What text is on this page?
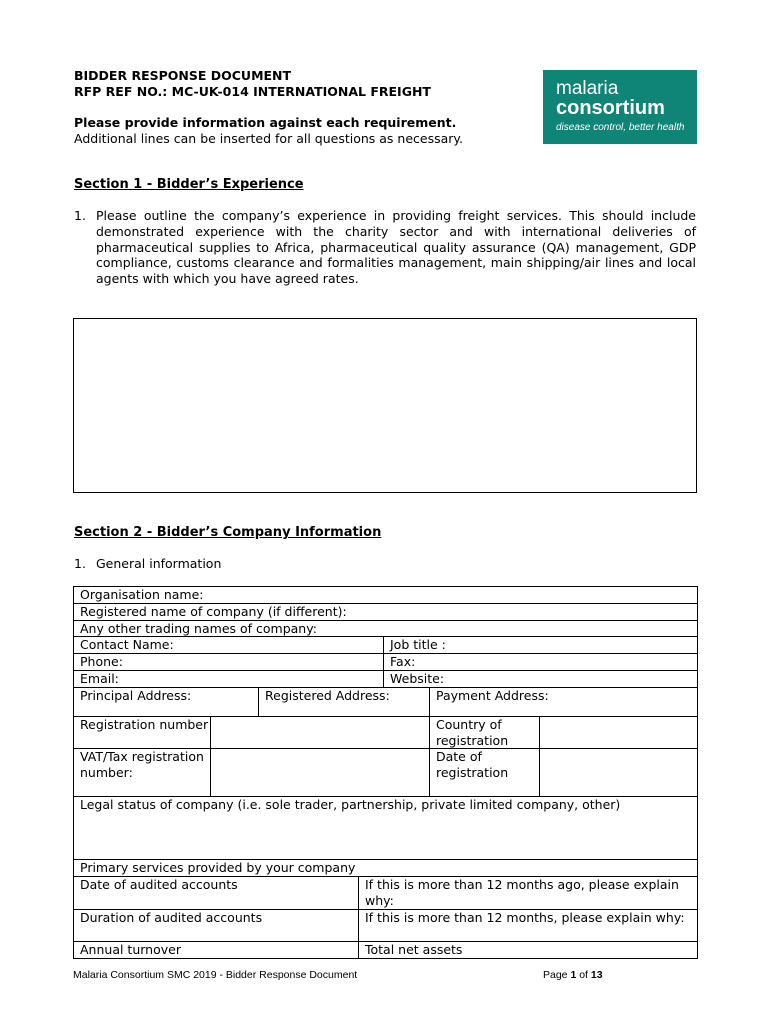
BIDDER RESPONSE DOCUMENT
RFP REF NO.: MC-UK-014 INTERNATIONAL FREIGHT
Please provide information against each requirement.
Additional lines can be inserted for all questions as necessary.
malaria
consortium
disease control, better health
Section 1 - Bidder’s Experience
1. Please outline the company’s experience in providing freight services. This should include demonstrated experience with the charity sector and with international deliveries of pharmaceutical supplies to Africa, pharmaceutical quality assurance (QA) management, GDP compliance, customs clearance and formalities management, main shipping/air lines and local agents with which you have agreed rates.
Section 2 - Bidder’s Company Information
1. General information
Organisation name:						
Registered name of company (if different):						
Any other trading names of company:						
Contact Name:				Job title :		
Phone:				Fax:		
Email:				Website:		
Principal Address:		Registered Address:			Payment Address:	
Registration number					Country of registration	
VAT/Tax registration number:					Date of registration	
Legal status of company (i.e. sole trader, partnership, private limited company, other)						
Primary services provided by your company						
Date of audited accounts			If this is more than 12 months ago, please explain why:			
Duration of audited accounts			If this is more than 12 months, please explain why:			
Annual turnover			Total net assets			
Malaria Consortium SMC 2019 - Bidder Response Document	Page 1 of 13
